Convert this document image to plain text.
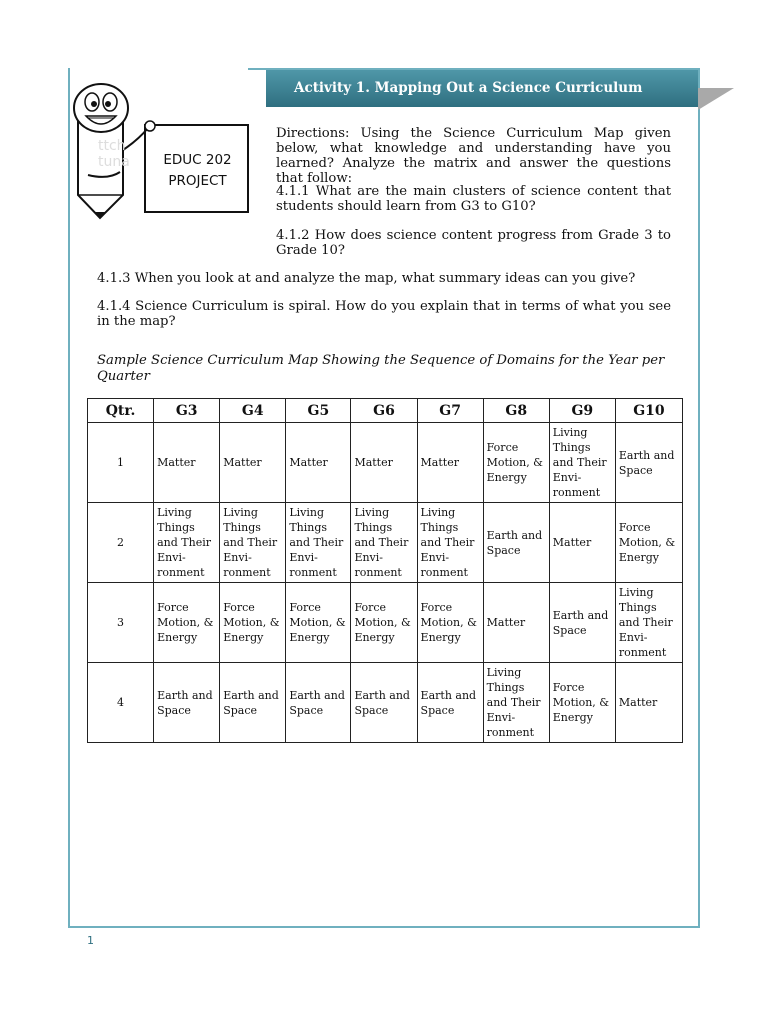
Activity 1. Mapping Out a Science Curriculum
ttch
tuna	EDUC 202
PROJECT
Directions: Using the Science Curriculum Map given below, what knowledge and understanding have you learned? Analyze the matrix and answer the questions that follow:
4.1.1 What are the main clusters of science content that students should learn from G3 to G10?
4.1.2 How does science content progress from Grade 3 to Grade 10?
4.1.3 When you look at and analyze the map, what summary ideas can you give?
4.1.4 Science Curriculum is spiral. How do you explain that in terms of what you see in the map?
Sample Science Curriculum Map Showing the Sequence of Domains for the Year per Quarter
Qtr.	G3	G4	G5	G6	G7	G8	G9	G10
1	Matter	Matter	Matter	Matter	Matter	Force Motion, & Energy	Living Things and Their Envi-ronment	Earth and Space
2	Living Things and Their Envi-ronment	Living Things and Their Envi-ronment	Living Things and Their Envi-ronment	Living Things and Their Envi-ronment	Living Things and Their Envi-ronment	Earth and Space	Matter	Force Motion, & Energy
3	Force Motion, & Energy	Force Motion, & Energy	Force Motion, & Energy	Force Motion, & Energy	Force Motion, & Energy	Matter	Earth and Space	Living Things and Their Envi-ronment
4	Earth and Space	Earth and Space	Earth and Space	Earth and Space	Earth and Space	Living Things and Their Envi-ronment	Force Motion, & Energy	Matter
1
